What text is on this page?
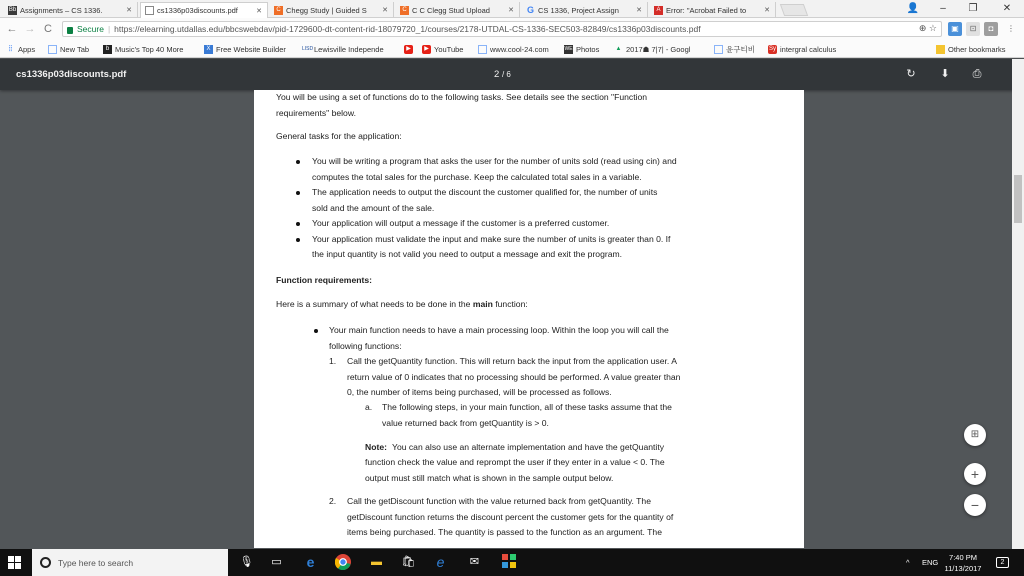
Bb Assignments – CS 1336.	✕	cs1336p03discounts.pdf	✕	C Chegg Study | Guided S	✕	C C C Clegg Stud Upload	✕ G CS 1336, Project Assign	✕	A Error: "Acrobat Failed to	✕	👤	–	❐	✕
← → C	Secure | https://elearning.utdallas.edu/bbcswebdav/pid-1729600-dt-content-rid-18079720_1/courses/2178-UTDAL-CS-1336-SEC503-82849/cs1336p03discounts.pdf	⊕ ☆	▣	⊡	◘	⋮
⣿ Apps	New Tab	b Music's Top 40 More	X Free Website Builder	LISD Lewisville Independe	▶	▶ YouTube	www.cool-24.com	WE Photos	▲ 2017☗ 7|7| - Googl	윤구티비 Sy intergral calculus	Other bookmarks
cs1336p03discounts.pdf	2 / 6	↻ ⬇ ⎙
You will be using a set of functions do to the following tasks. See details see the section "Function
requirements" below.
General tasks for the application:
You will be writing a program that asks the user for the number of units sold (read using cin) and
computes the total sales for the purchase. Keep the calculated total sales in a variable.
The application needs to output the discount the customer qualified for, the number of units
sold and the amount of the sale.
Your application will output a message if the customer is a preferred customer.
Your application must validate the input and make sure the number of units is greater than 0. If
the input quantity is not valid you need to output a message and exit the program.
Function requirements:
Here is a summary of what needs to be done in the main function:
Your main function needs to have a main processing loop. Within the loop you will call the
following functions:
1. Call the getQuantity function. This will return back the input from the application user. A
return value of 0 indicates that no processing should be performed. A value greater than
0, the number of items being purchased, will be processed as follows.
a. The following steps, in your main function, all of these tasks assume that the
value returned back from getQuantity is > 0.
Note: You can also use an alternate implementation and have the getQuantity
function check the value and reprompt the user if they enter in a value < 0. The
output must still match what is shown in the sample output below.
2. Call the getDiscount function with the value returned back from getQuantity. The
getDiscount function returns the discount percent the customer gets for the quantity of
items being purchased. The quantity is passed to the function as an argument. The
⊞
+
−
Type here to search	🎙 ▭	e	▬ 🛍	e	✉	^ ENG
7:40 PM
11/13/2017
2
